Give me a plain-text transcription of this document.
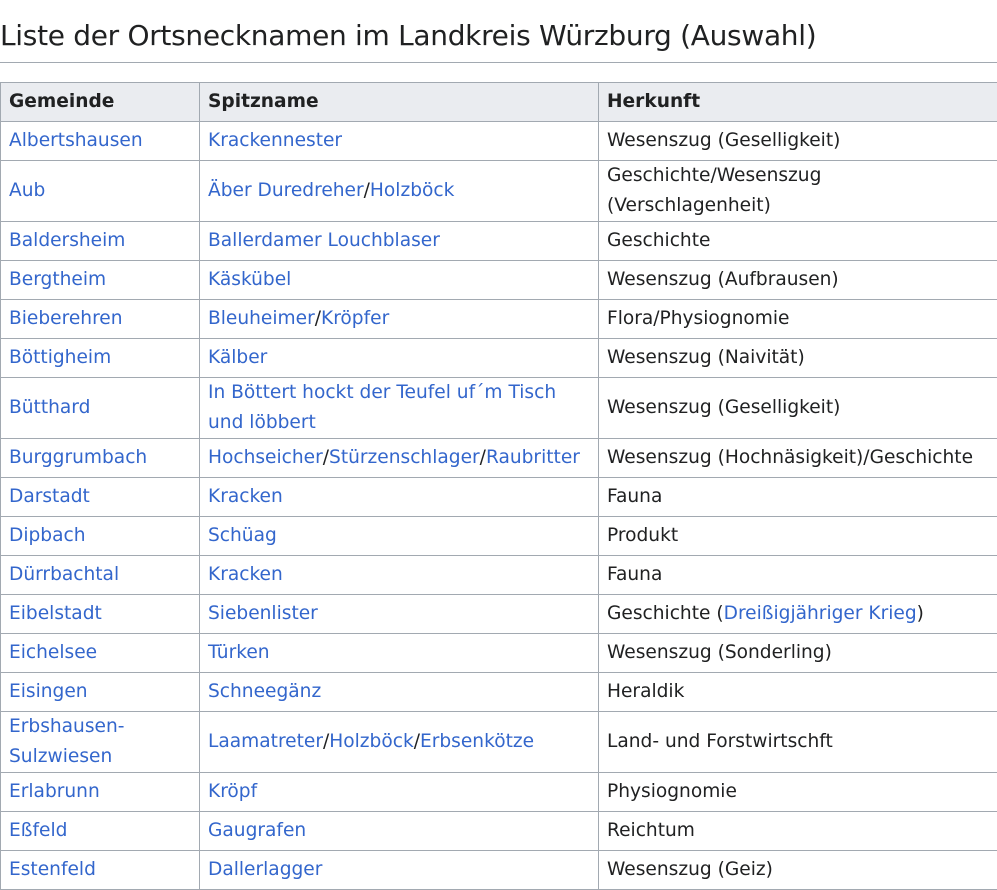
Liste der Ortsnecknamen im Landkreis Würzburg (Auswahl)
Gemeinde	Spitzname	Herkunft
Albertshausen	Krackennester	Wesenszug (Geselligkeit)
Aub	Äber Duredreher/Holzböck	Geschichte/Wesenszug (Verschlagenheit)
Baldersheim	Ballerdamer Louchblaser	Geschichte
Bergtheim	Käskübel	Wesenszug (Aufbrausen)
Bieberehren	Bleuheimer/Kröpfer	Flora/Physiognomie
Böttigheim	Kälber	Wesenszug (Naivität)
Bütthard	In Böttert hockt der Teufel uf´m Tisch und löbbert	Wesenszug (Geselligkeit)
Burggrumbach	Hochseicher/Stürzenschlager/Raubritter	Wesenszug (Hochnäsigkeit)/Geschichte
Darstadt	Kracken	Fauna
Dipbach	Schüag	Produkt
Dürrbachtal	Kracken	Fauna
Eibelstadt	Siebenlister	Geschichte (Dreißigjähriger Krieg)
Eichelsee	Türken	Wesenszug (Sonderling)
Eisingen	Schneegänz	Heraldik
Erbshausen-Sulzwiesen	Laamatreter/Holzböck/Erbsenkötze	Land- und Forstwirtschft
Erlabrunn	Kröpf	Physiognomie
Eßfeld	Gaugrafen	Reichtum
Estenfeld	Dallerlagger	Wesenszug (Geiz)
